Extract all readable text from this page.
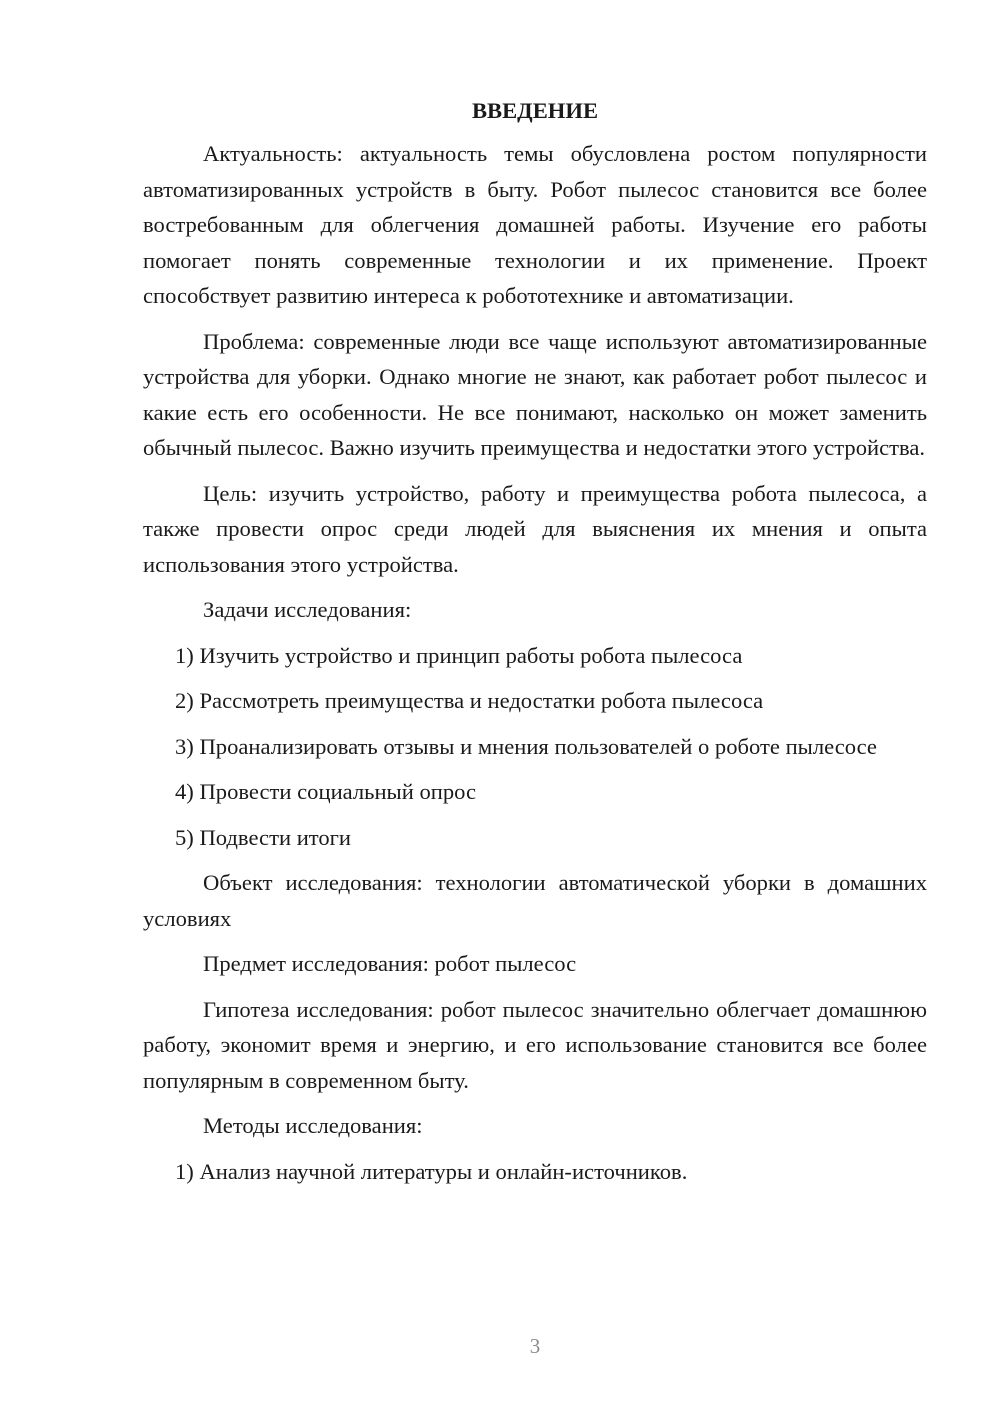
ВВЕДЕНИЕ

Актуальность: актуальность темы обусловлена ростом популярности автоматизированных устройств в быту. Робот пылесос становится все более востребованным для облегчения домашней работы. Изучение его работы помогает понять современные технологии и их применение. Проект способствует развитию интереса к робототехнике и автоматизации.

Проблема: современные люди все чаще используют автоматизированные устройства для уборки. Однако многие не знают, как работает робот пылесос и какие есть его особенности. Не все понимают, насколько он может заменить обычный пылесос. Важно изучить преимущества и недостатки этого устройства.

Цель: изучить устройство, работу и преимущества робота пылесоса, а также провести опрос среди людей для выяснения их мнения и опыта использования этого устройства.

Задачи исследования:

1) Изучить устройство и принцип работы робота пылесоса

2) Рассмотреть преимущества и недостатки робота пылесоса

3) Проанализировать отзывы и мнения пользователей о роботе пылесосе

4) Провести социальный опрос

5) Подвести итоги

Объект исследования: технологии автоматической уборки в домашних условиях

Предмет исследования: робот пылесос

Гипотеза исследования: робот пылесос значительно облегчает домашнюю работу, экономит время и энергию, и его использование становится все более популярным в современном быту.

Методы исследования:

1) Анализ научной литературы и онлайн-источников.

3
